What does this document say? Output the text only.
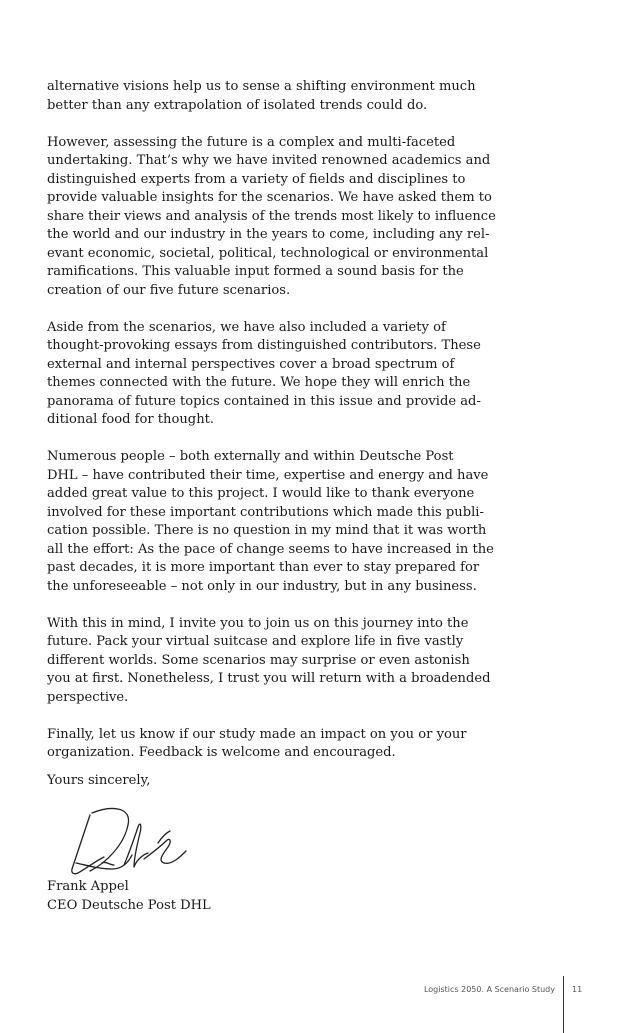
alternative visions help us to sense a shifting environment much
better than any extrapolation of isolated trends could do.

However, assessing the future is a complex and multi-faceted
undertaking. That’s why we have invited renowned academics and
distinguished experts from a variety of fields and disciplines to
provide valuable insights for the scenarios. We have asked them to
share their views and analysis of the trends most likely to influence
the world and our industry in the years to come, including any rel-
evant economic, societal, political, technological or environmental
ramifications. This valuable input formed a sound basis for the
creation of our five future scenarios.

Aside from the scenarios, we have also included a variety of
thought-provoking essays from distinguished contributors. These
external and internal perspectives cover a broad spectrum of
themes connected with the future. We hope they will enrich the
panorama of future topics contained in this issue and provide ad-
ditional food for thought.

Numerous people – both externally and within Deutsche Post
DHL – have contributed their time, expertise and energy and have
added great value to this project. I would like to thank everyone
involved for these important contributions which made this publi-
cation possible. There is no question in my mind that it was worth
all the effort: As the pace of change seems to have increased in the
past decades, it is more important than ever to stay prepared for
the unforeseeable – not only in our industry, but in any business.

With this in mind, I invite you to join us on this journey into the
future. Pack your virtual suitcase and explore life in five vastly
different worlds. Some scenarios may surprise or even astonish
you at first. Nonetheless, I trust you will return with a broadended
perspective.

Finally, let us know if our study made an impact on you or your
organization. Feedback is welcome and encouraged.

Yours sincerely,
Frank Appel
CEO Deutsche Post DHL
Logistics 2050. A Scenario Study 11
